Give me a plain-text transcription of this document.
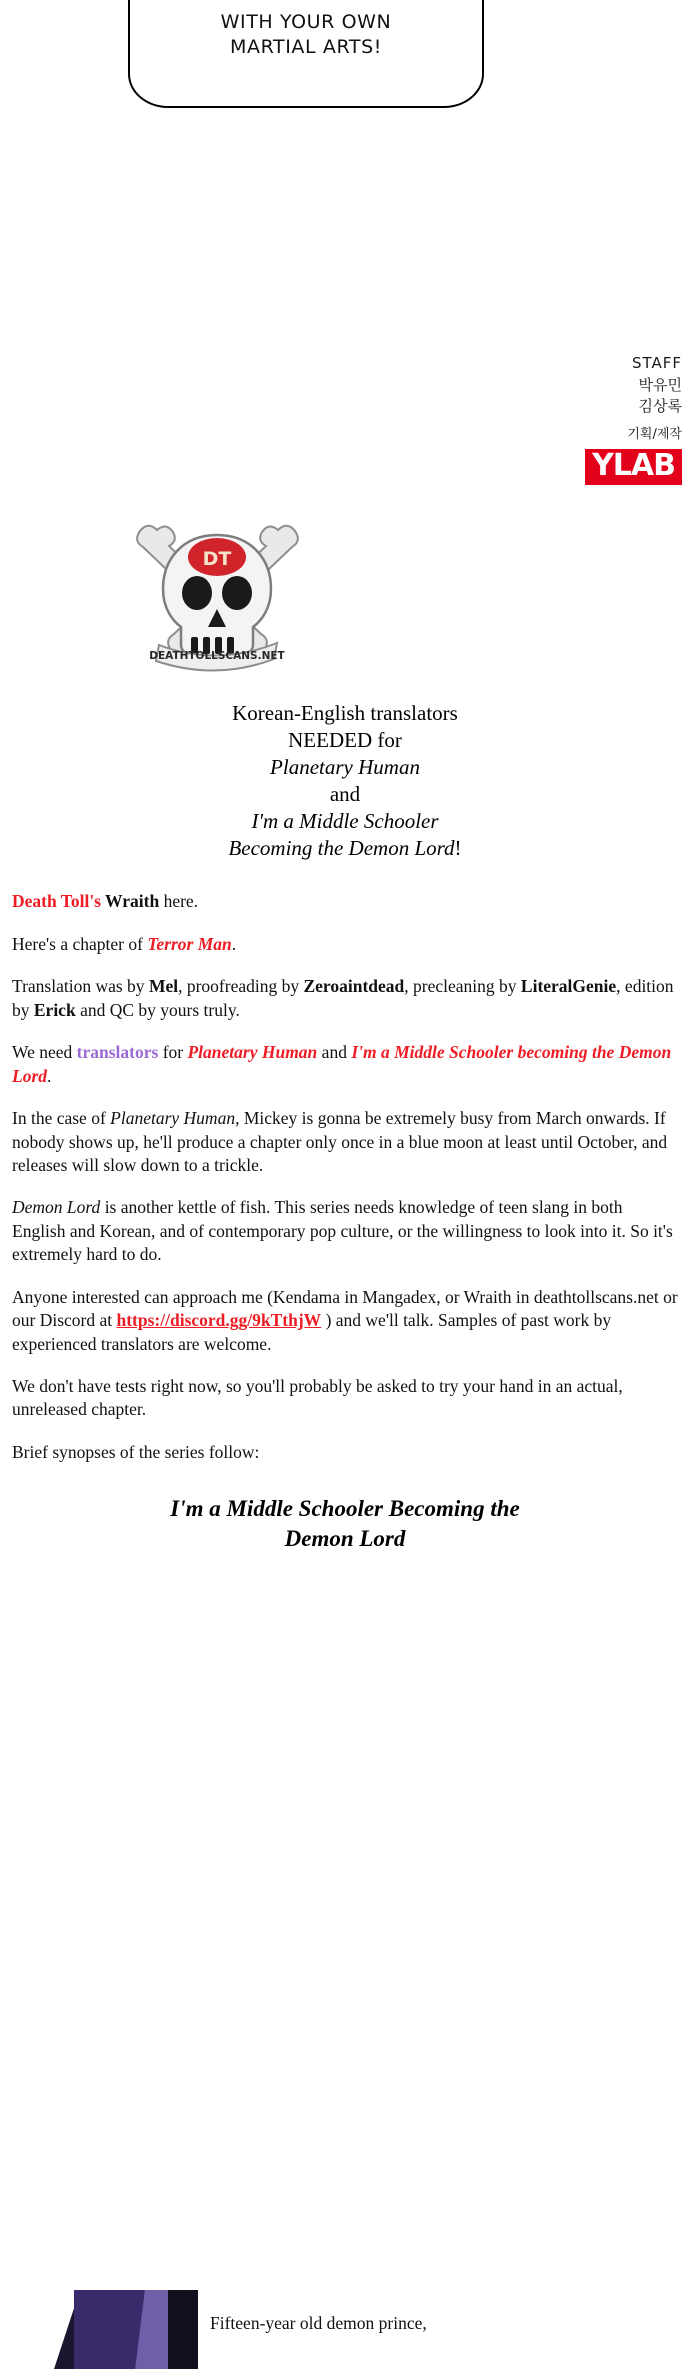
WITH YOUR OWN
MARTIAL ARTS!
STAFF
박유민
김상록
기획/제작
YLAB
DT
DEATHTOLLSCANS.NET
Korean-English translators
NEEDED for
Planetary Human
and
I'm a Middle Schooler
Becoming the Demon Lord!

Death Toll's Wraith here.

Here's a chapter of Terror Man.

Translation was by Mel, proofreading by Zeroaintdead, precleaning by LiteralGenie, edition by Erick and QC by yours truly.

We need translators for Planetary Human and I'm a Middle Schooler becoming the Demon Lord.

In the case of Planetary Human, Mickey is gonna be extremely busy from March onwards. If nobody shows up, he'll produce a chapter only once in a blue moon at least until October, and releases will slow down to a trickle.

Demon Lord is another kettle of fish. This series needs knowledge of teen slang in both English and Korean, and of contemporary pop culture, or the willingness to look into it. So it's extremely hard to do.

Anyone interested can approach me (Kendama in Mangadex, or Wraith in deathtollscans.net or our Discord at https://discord.gg/9kTthjW ) and we'll talk. Samples of past work by experienced translators are welcome.

We don't have tests right now, so you'll probably be asked to try your hand in an actual, unreleased chapter.

Brief synopses of the series follow:

I'm a Middle Schooler Becoming the
Demon Lord
Fifteen-year old demon prince,
